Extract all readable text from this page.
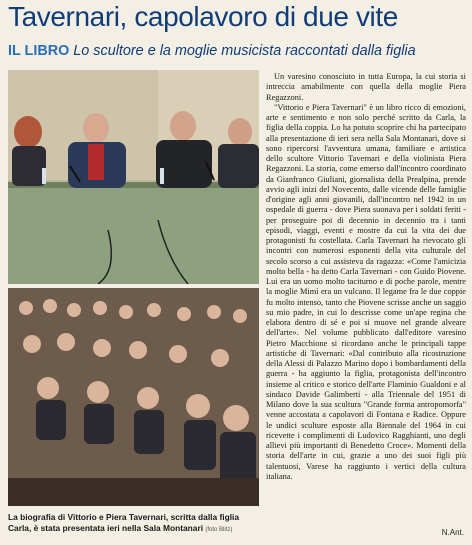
Tavernari, capolavoro di due vite
IL LIBRO Lo scultore e la moglie musicista raccontati dalla figlia
La biografia di Vittorio e Piera Tavernari, scritta dalla figlia Carla, è stata presentata ieri nella Sala Montanari (foto Blitz)

Un varesino conosciuto in tutta Europa, la cui storia si intreccia amabilmente con quella della moglie Piera Regazzoni.

"Vittorio e Piera Tavernari" è un libro ricco di emozioni, arte e sentimento e non solo perché scritto da Carla, la figlia della coppia. Lo ha potuto scoprire chi ha partecipato alla presentazione di ieri sera nella Sala Montanari, dove si sono ripercorsi l'avventura umana, familiare e artistica dello scultore Vittorio Tavernari e della violinista Piera Regazzoni. La storia, come emerso dall'incontro coordinato da Gianfranco Giuliani, giornalista della Prealpina, prende avvio agli inizi del Novecento, dalle vicende delle famiglie d'origine agli anni giovanili, dall'incontro nel 1942 in un ospedale di guerra - dove Piera suonava per i soldati feriti - per proseguire poi di decennio in decennio tra i tanti episodi, viaggi, eventi e mostre da cui la vita dei due protagonisti fu costellata. Carla Tavernari ha rievocato gli incontri con numerosi esponenti della vita culturale del secolo scorso a cui assisteva da ragazza: «Come l'amicizia molto bella - ha detto Carla Tavernari - con Guido Piovene. Lui era un uomo molto taciturno e di poche parole, mentre la moglie Mimì era un vulcano. Il legame fra le due coppie fu molto intenso, tanto che Piovene scrisse anche un saggio su mio padre, in cui lo descrisse come un'ape regina che elabora dentro di sé e poi si muove nel grande alveare dell'arte». Nel volume pubblicato dall'editore varesino Pietro Macchione si ricordano anche le principali tappe artistiche di Tavernari: «Dal contributo alla ricostruzione della Alessi di Palazzo Marino dopo i bombardamenti della guerra - ha aggiunto la figlia, protagonista dell'incontro insieme al critico e storico dell'arte Flaminio Gualdoni e al sindaco Davide Galimberti - alla Triennale del 1951 di Milano dove la sua scultura "Grande forma antropomorfa" venne accostata a capolavori di Fontana e Radice. Oppure le undici sculture esposte alla Biennale del 1964 in cui ricevette i complimenti di Ludovico Ragghianti, uno degli allievi più importanti di Benedetto Croce». Momenti della storia dell'arte in cui, grazie a uno dei suoi figli più talentuosi, Varese ha raggiunto i vertici della cultura italiana.

N.Ant.
